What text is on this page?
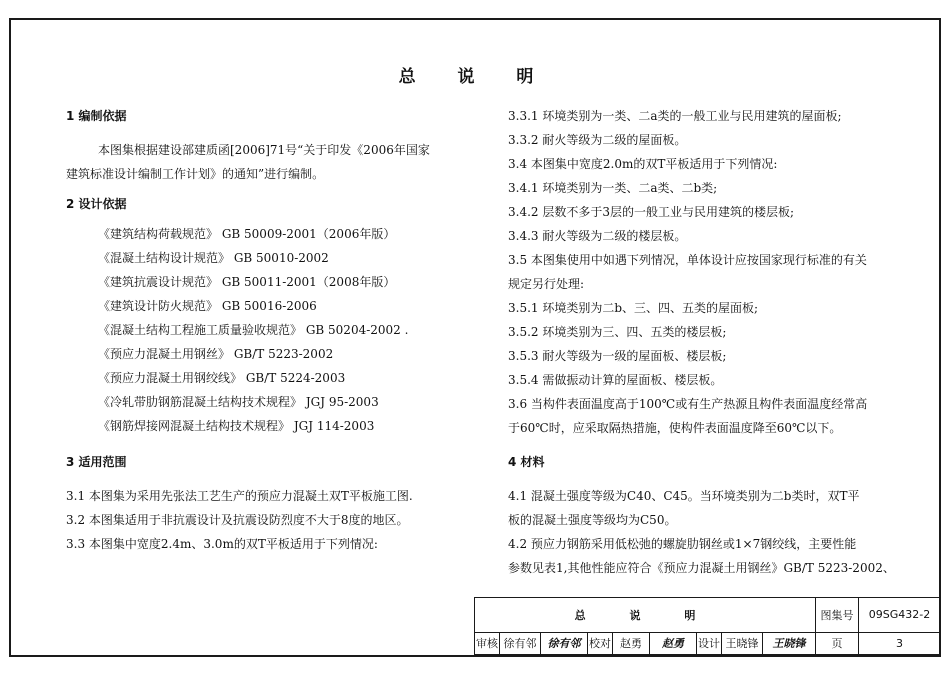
总 说 明
1 编制依据
本图集根据建设部建质函[2006]71号“关于印发《2006年国家
建筑标准设计编制工作计划》的通知”进行编制。
2 设计依据
《建筑结构荷载规范》 GB 50009-2001（2006年版）
《混凝土结构设计规范》 GB 50010-2002
《建筑抗震设计规范》 GB 50011-2001（2008年版）
《建筑设计防火规范》 GB 50016-2006
《混凝土结构工程施工质量验收规范》 GB 50204-2002 .
《预应力混凝土用钢丝》 GB/T 5223-2002
《预应力混凝土用钢绞线》 GB/T 5224-2003
《冷轧带肋钢筋混凝土结构技术规程》 JGJ 95-2003
《钢筋焊接网混凝土结构技术规程》 JGJ 114-2003
3 适用范围
3.1 本图集为采用先张法工艺生产的预应力混凝土双T平板施工图.
3.2 本图集适用于非抗震设计及抗震设防烈度不大于8度的地区。
3.3 本图集中宽度2.4m、3.0m的双T平板适用于下列情况:
3.3.1 环境类别为一类、二a类的一般工业与民用建筑的屋面板;
3.3.2 耐火等级为二级的屋面板。
3.4 本图集中宽度2.0m的双T平板适用于下列情况:
3.4.1 环境类别为一类、二a类、二b类;
3.4.2 层数不多于3层的一般工业与民用建筑的楼层板;
3.4.3 耐火等级为二级的楼层板。
3.5 本图集使用中如遇下列情况，单体设计应按国家现行标准的有关
规定另行处理:
3.5.1 环境类别为二b、三、四、五类的屋面板;
3.5.2 环境类别为三、四、五类的楼层板;
3.5.3 耐火等级为一级的屋面板、楼层板;
3.5.4 需做振动计算的屋面板、楼层板。
3.6 当构件表面温度高于100℃或有生产热源且构件表面温度经常高
于60℃时，应采取隔热措施，使构件表面温度降至60℃以下。
4 材料
4.1 混凝土强度等级为C40、C45。当环境类别为二b类时，双T平
板的混凝土强度等级均为C50。
4.2 预应力钢筋采用低松弛的螺旋肋钢丝或1×7钢绞线，主要性能
参数见表1,其他性能应符合《预应力混凝土用钢丝》GB/T 5223-2002、
总 说 明									图集号	09SG432-2
审核	徐有邻	徐有邻	校对	赵勇	赵勇	设计	王晓锋	王晓锋	页	3
